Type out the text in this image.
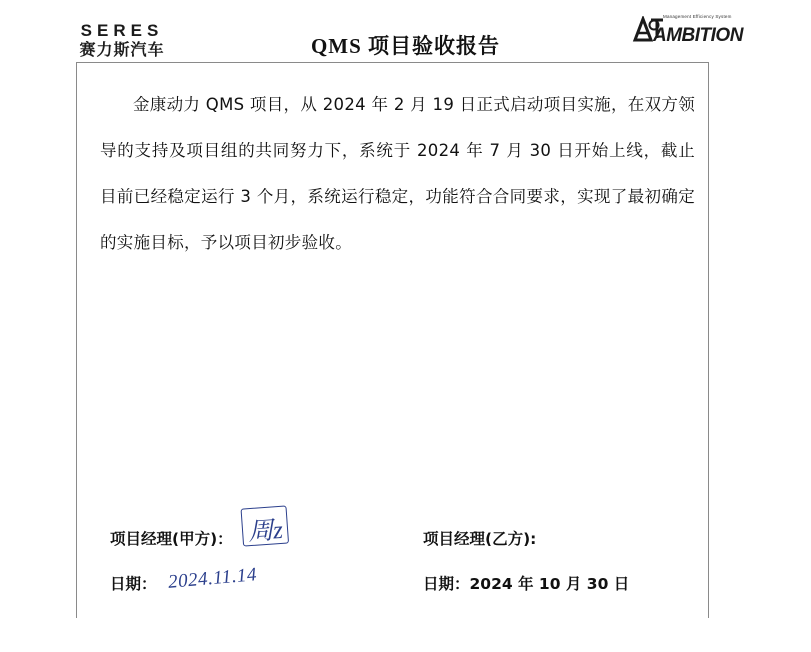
SERES
赛力斯汽车	QMS 项目验收报告
Management Efficiency System
AMBITION
金康动力 QMS 项目，从 2024 年 2 月 19 日正式启动项目实施，在双方领导的支持及项目组的共同努力下，系统于 2024 年 7 月 30 日开始上线，截止目前已经稳定运行 3 个月，系统运行稳定，功能符合合同要求，实现了最初确定的实施目标，予以项目初步验收。
项目经理(甲方)： 周z	项目经理(乙方):
日期： 2024.11.14	日期：2024 年 10 月 30 日
